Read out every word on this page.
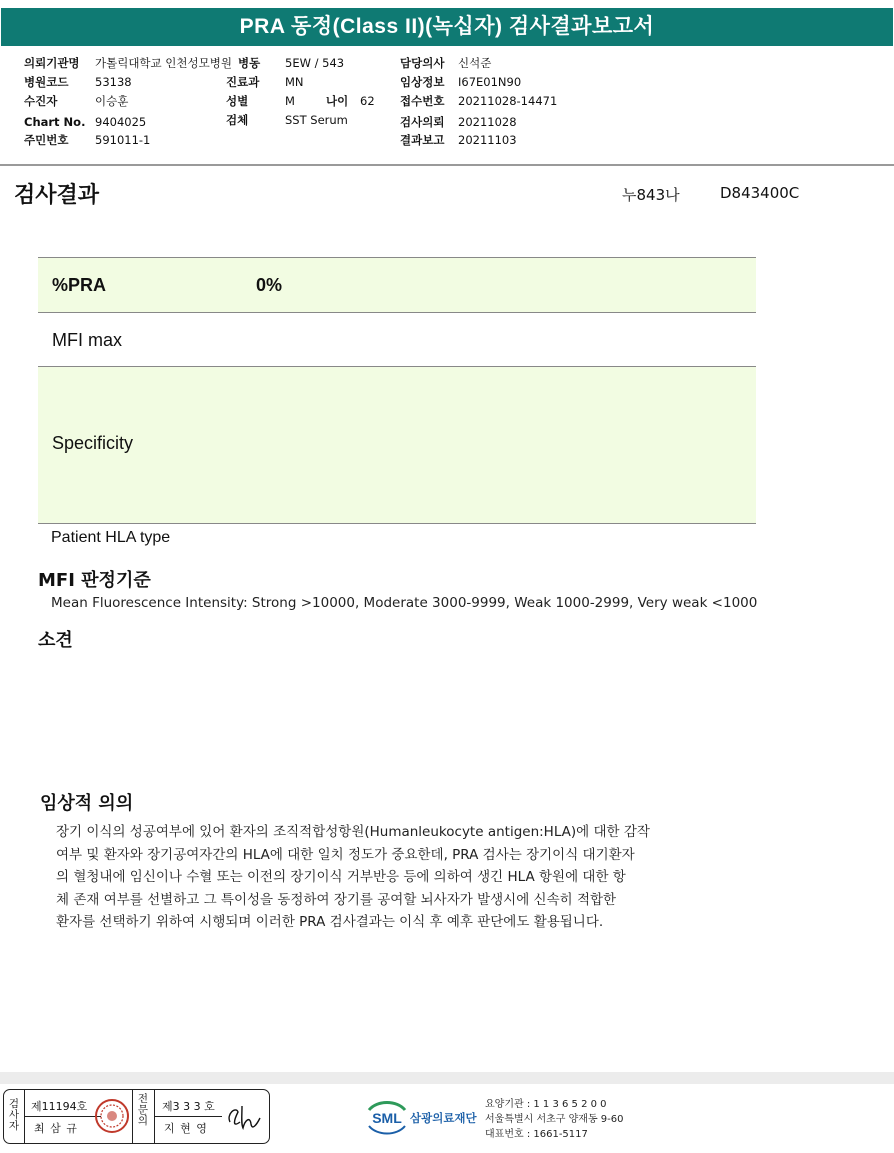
PRA 동정(Class II)(녹십자) 검사결과보고서
의뢰기관명 가톨릭대학교 인천성모병원
병원코드 53138
수진자	이승훈
Chart No. 9404025
주민번호 591011-1
병동 5EW / 543
진료과 MN
성별	M	나이 62
검체	SST Serum
담당의사 신석준
임상정보 I67E01N90
접수번호 20211028-14471
검사의뢰 20211028
결과보고 20211103
검사결과	누843나	D843400C
%PRA	0%
MFI max
Specificity
Patient HLA type
MFI 판정기준
Mean Fluorescence Intensity: Strong >10000, Moderate 3000-9999, Weak 1000-2999, Very weak <1000
소견
임상적 의의
장기 이식의 성공여부에 있어 환자의 조직적합성항원(Humanleukocyte antigen:HLA)에 대한 감작
여부 및 환자와 장기공여자간의 HLA에 대한 일치 정도가 중요한데, PRA 검사는 장기이식 대기환자
의 혈청내에 임신이나 수혈 또는 이전의 장기이식 거부반응 등에 의하여 생긴 HLA 항원에 대한 항
체 존재 여부를 선별하고 그 특이성을 동정하여 장기를 공여할 뇌사자가 발생시에 신속히 적합한
환자를 선택하기 위하여 시행되며 이러한 PRA 검사결과는 이식 후 예후 판단에도 활용됩니다.
검사자
제11194호
최 삼 규
전문의
제3 3 3 호
지 현 영
SML 삼광의료재단
요양기관 : 1 1 3 6 5 2 0 0
서울특별시 서초구 양재동 9-60
대표번호 : 1661-5117
